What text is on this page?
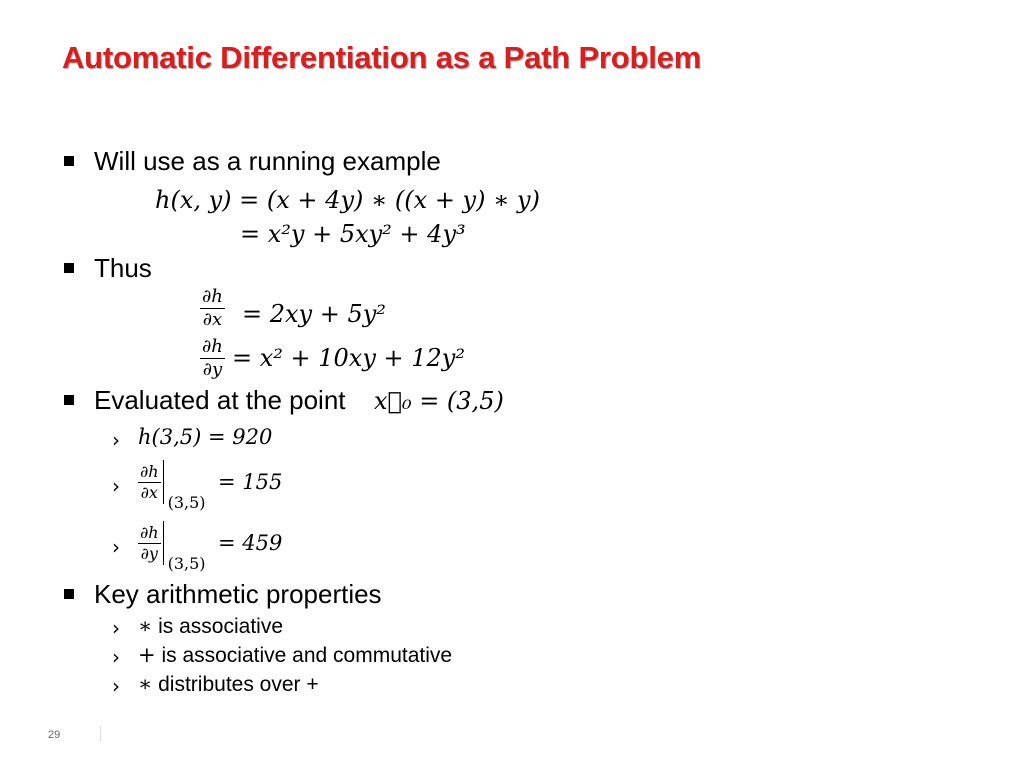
Automatic Differentiation as a Path Problem
Will use as a running example
h(x, y) = (x + 4y) ∗ ((x + y) ∗ y)
= x²y + 5xy² + 4y³
Thus
$\frac{\partial h}{\partial x} = 2xy + 5y^2$
$\frac{\partial h}{\partial y} = x^2 + 10xy + 12y^2$
Evaluated at the point x⃗₀ = (3,5)
› h(3,5) = 920
› $\frac{\partial h}{\partial x}$
(3,5)
= 155
› $\frac{\partial h}{\partial y}$
(3,5)
= 459
Key arithmetic properties
› ∗ is associative
› + is associative and commutative
› ∗ distributes over +
29
